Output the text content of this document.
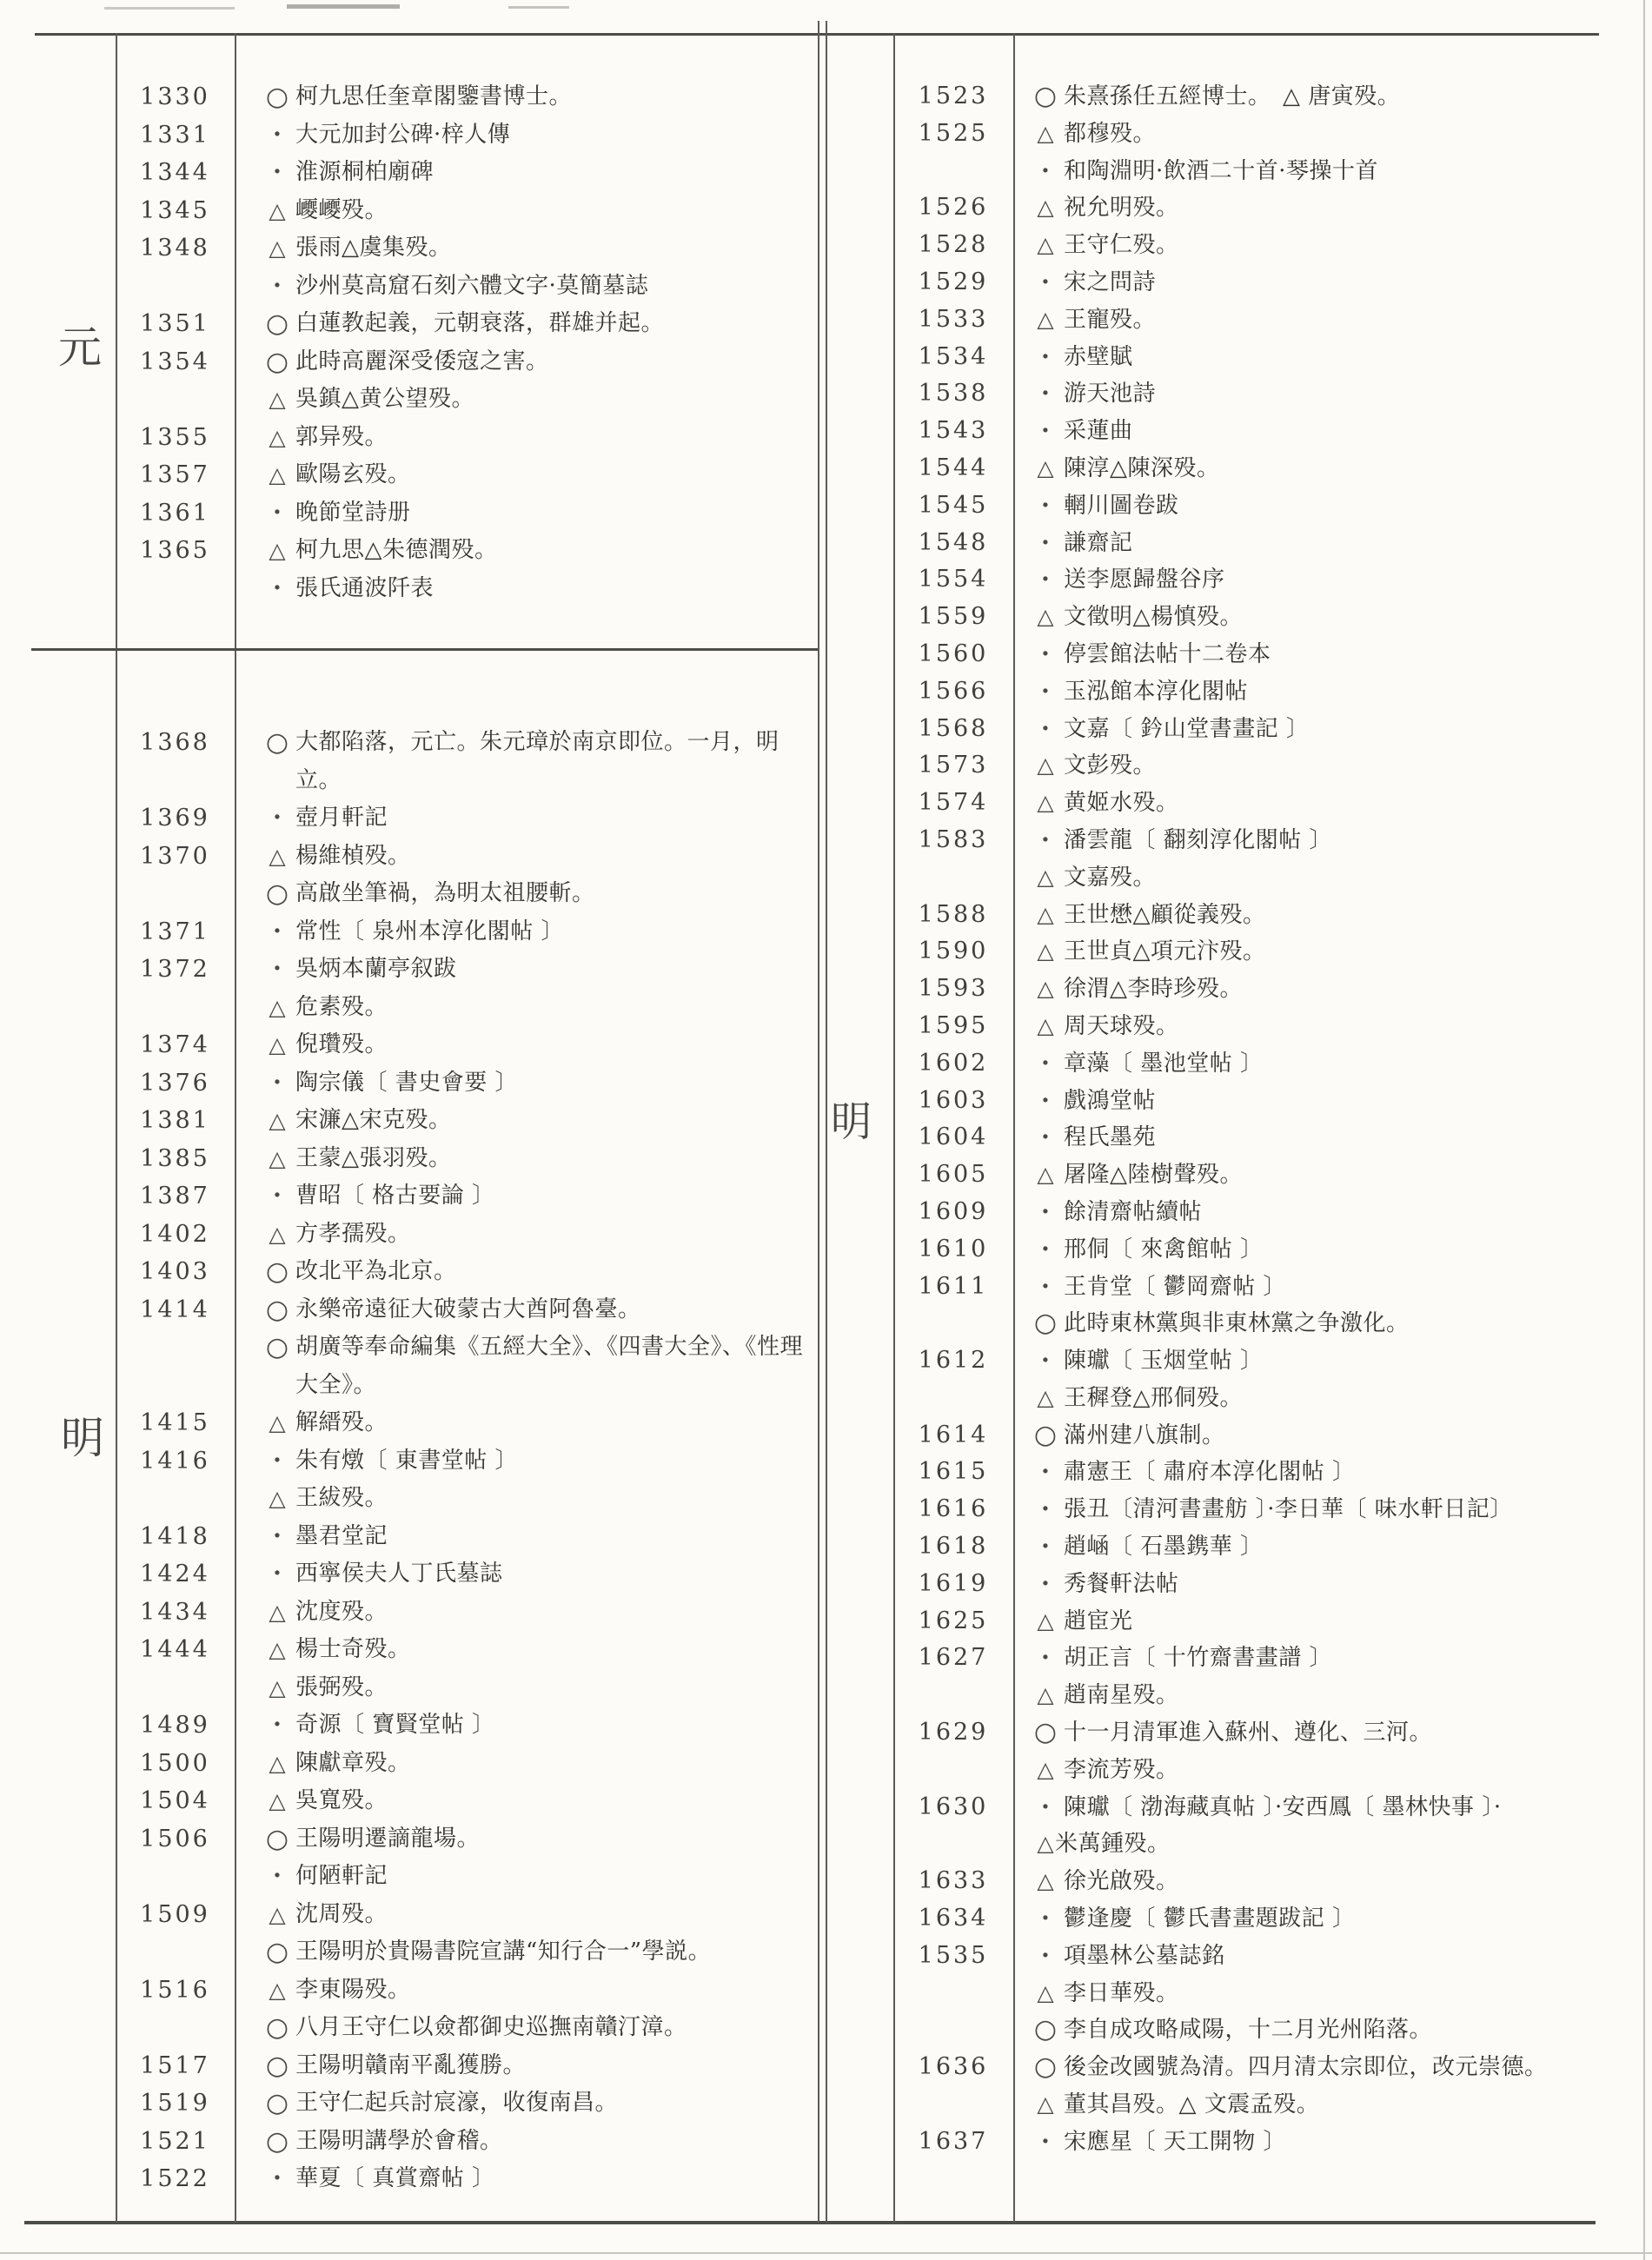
元
明
明
1330	○ 柯九思任奎章閣鑒書博士。
1331	· 大元加封公碑·梓人傳
1344	· 淮源桐柏廟碑
1345	△ 巎巎殁。
1348	△ 張雨△虞集殁。
· 沙州莫高窟石刻六體文字·莫簡墓誌
1351	○ 白蓮教起義，元朝衰落，群雄并起。
1354	○ 此時高麗深受倭寇之害。
△ 吳鎮△黄公望殁。
1355	△ 郭异殁。
1357	△ 歐陽玄殁。
1361	· 晚節堂詩册
1365	△ 柯九思△朱德潤殁。
· 張氏通波阡表
1368	○ 大都陷落，元亡。朱元璋於南京即位。一月，明立。
1369	· 壺月軒記
1370	△ 楊維楨殁。
○ 高啟坐筆禍，為明太祖腰斬。
1371	· 常性〔 泉州本淳化閣帖 〕
1372	· 吳炳本蘭亭叙跋
△ 危素殁。
1374	△ 倪瓚殁。
1376	· 陶宗儀〔 書史會要 〕
1381	△ 宋濂△宋克殁。
1385	△ 王蒙△張羽殁。
1387	· 曹昭〔 格古要論 〕
1402	△ 方孝孺殁。
1403	○ 改北平為北京。
1414	○ 永樂帝遠征大破蒙古大酋阿魯臺。
○ 胡廣等奉命編集《五經大全》、《四書大全》、《性理大全》。
1415	△ 解縉殁。
1416	· 朱有燉〔 東書堂帖 〕
△ 王紱殁。
1418	· 墨君堂記
1424	· 西寧侯夫人丁氏墓誌
1434	△ 沈度殁。
1444	△ 楊士奇殁。
△ 張弼殁。
1489	· 奇源〔 寶賢堂帖 〕
1500	△ 陳獻章殁。
1504	△ 吳寬殁。
1506	○ 王陽明遷謫龍場。
· 何陋軒記
1509	△ 沈周殁。
○ 王陽明於貴陽書院宣講“知行合一”學説。
1516	△ 李東陽殁。
○ 八月王守仁以僉都御史巡撫南贛汀漳。
1517	○ 王陽明贛南平亂獲勝。
1519	○ 王守仁起兵討宸濠，收復南昌。
1521	○ 王陽明講學於會稽。
1522	· 華夏〔 真賞齋帖 〕
1523	○ 朱熹孫任五經博士。　△ 唐寅殁。
1525	△ 都穆殁。
· 和陶淵明·飲酒二十首·琴操十首
1526	△ 祝允明殁。
1528	△ 王守仁殁。
1529	· 宋之問詩
1533	△ 王寵殁。
1534	· 赤壁賦
1538	· 游天池詩
1543	· 采蓮曲
1544	△ 陳淳△陳深殁。
1545	· 輞川圖卷跋
1548	· 謙齋記
1554	· 送李愿歸盤谷序
1559	△ 文徵明△楊慎殁。
1560	· 停雲館法帖十二卷本
1566	· 玉泓館本淳化閣帖
1568	· 文嘉〔 鈐山堂書畫記 〕
1573	△ 文彭殁。
1574	△ 黄姬水殁。
1583	· 潘雲龍〔 翻刻淳化閣帖 〕
△ 文嘉殁。
1588	△ 王世懋△顧從義殁。
1590	△ 王世貞△項元汴殁。
1593	△ 徐渭△李時珍殁。
1595	△ 周天球殁。
1602	· 章藻〔 墨池堂帖 〕
1603	· 戲鴻堂帖
1604	· 程氏墨苑
1605	△ 屠隆△陸樹聲殁。
1609	· 餘清齋帖續帖
1610	· 邢侗〔 來禽館帖 〕
1611	· 王肯堂〔 鬱岡齋帖 〕
○ 此時東林黨與非東林黨之争激化。
1612	· 陳瓛〔 玉烟堂帖 〕
△ 王穉登△邢侗殁。
1614	○ 滿州建八旗制。
1615	· 肅憲王〔 肅府本淳化閣帖 〕
1616	· 張丑〔清河書畫舫 〕·李日華〔 味水軒日記〕
1618	· 趙崡〔 石墨鎸華 〕
1619	· 秀餐軒法帖
1625	△ 趙宦光
1627	· 胡正言〔 十竹齋書畫譜 〕
△ 趙南星殁。
1629	○ 十一月清軍進入蘇州、遵化、三河。
△ 李流芳殁。
1630	· 陳瓛〔 渤海藏真帖 〕·安西鳳〔 墨林快事 〕·
△ 米萬鍾殁。
1633	△ 徐光啟殁。
1634	· 鬱逢慶〔 鬱氏書畫題跋記 〕
1535	· 項墨林公墓誌銘
△ 李日華殁。
○ 李自成攻略咸陽，十二月光州陷落。
1636	○ 後金改國號為清。四月清太宗即位，改元崇德。
△ 董其昌殁。△ 文震孟殁。
1637	· 宋應星〔 天工開物 〕
